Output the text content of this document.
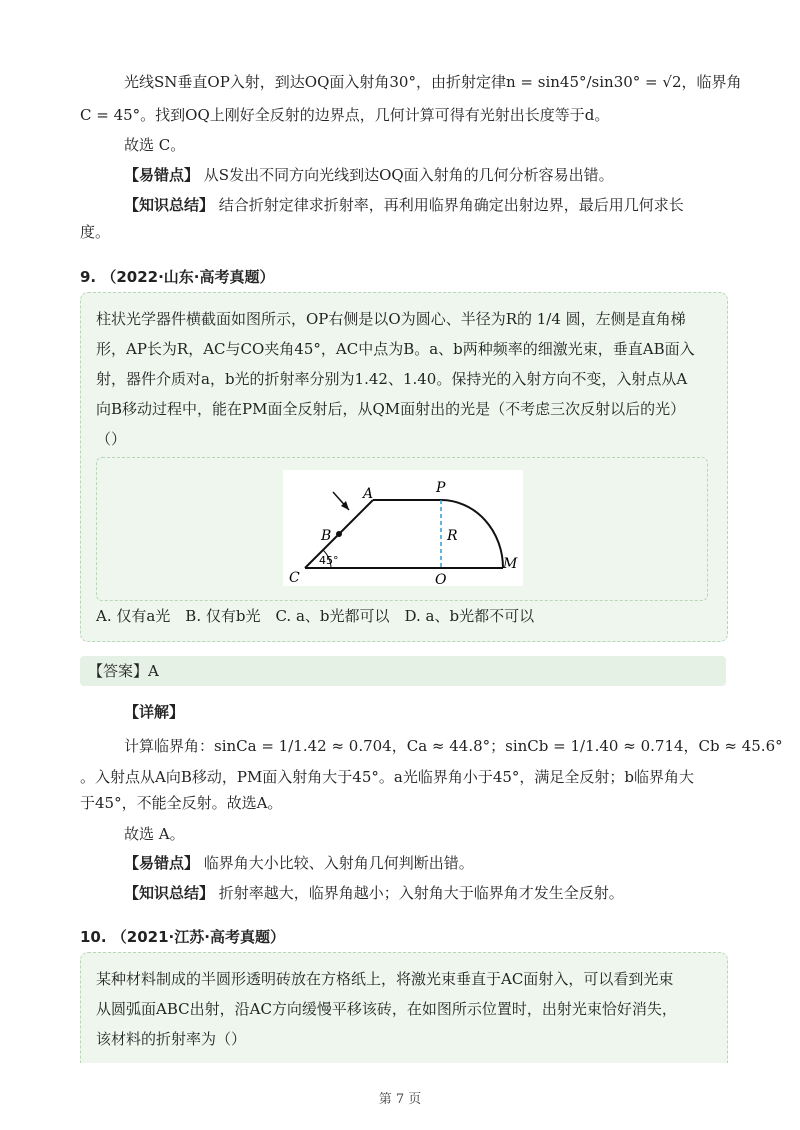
光线SN垂直OP入射，到达OQ面入射角30°，由折射定律n = sin45°/sin30° = √2，临界角
C = 45°。找到OQ上刚好全反射的边界点，几何计算可得有光射出长度等于d。
故选 C。
【易错点】 从S发出不同方向光线到达OQ面入射角的几何分析容易出错。
【知识总结】 结合折射定律求折射率，再利用临界角确定出射边界，最后用几何求长
度。
9. （2022·山东·高考真题）
柱状光学器件横截面如图所示，OP右侧是以O为圆心、半径为R的 1/4 圆，左侧是直角梯
形，AP长为R，AC与CO夹角45°，AC中点为B。a、b两种频率的细激光束，垂直AB面入
射，器件介质对a，b光的折射率分别为1.42、1.40。保持光的入射方向不变，入射点从A
向B移动过程中，能在PM面全反射后，从QM面射出的光是（不考虑三次反射以后的光）
（）
A
B
C
P
O
M
R
45°
A. 仅有a光　B. 仅有b光　C. a、b光都可以　D. a、b光都不可以
【答案】A
【详解】
计算临界角：sinCa = 1/1.42 ≈ 0.704，Ca ≈ 44.8°；sinCb = 1/1.40 ≈ 0.714，Cb ≈ 45.6°
。入射点从A向B移动，PM面入射角大于45°。a光临界角小于45°，满足全反射；b临界角大
于45°，不能全反射。故选A。
故选 A。
【易错点】 临界角大小比较、入射角几何判断出错。
【知识总结】 折射率越大，临界角越小；入射角大于临界角才发生全反射。
10. （2021·江苏·高考真题）
某种材料制成的半圆形透明砖放在方格纸上，将激光束垂直于AC面射入，可以看到光束
从圆弧面ABC出射，沿AC方向缓慢平移该砖，在如图所示位置时，出射光束恰好消失，
该材料的折射率为（）
第 7 页
